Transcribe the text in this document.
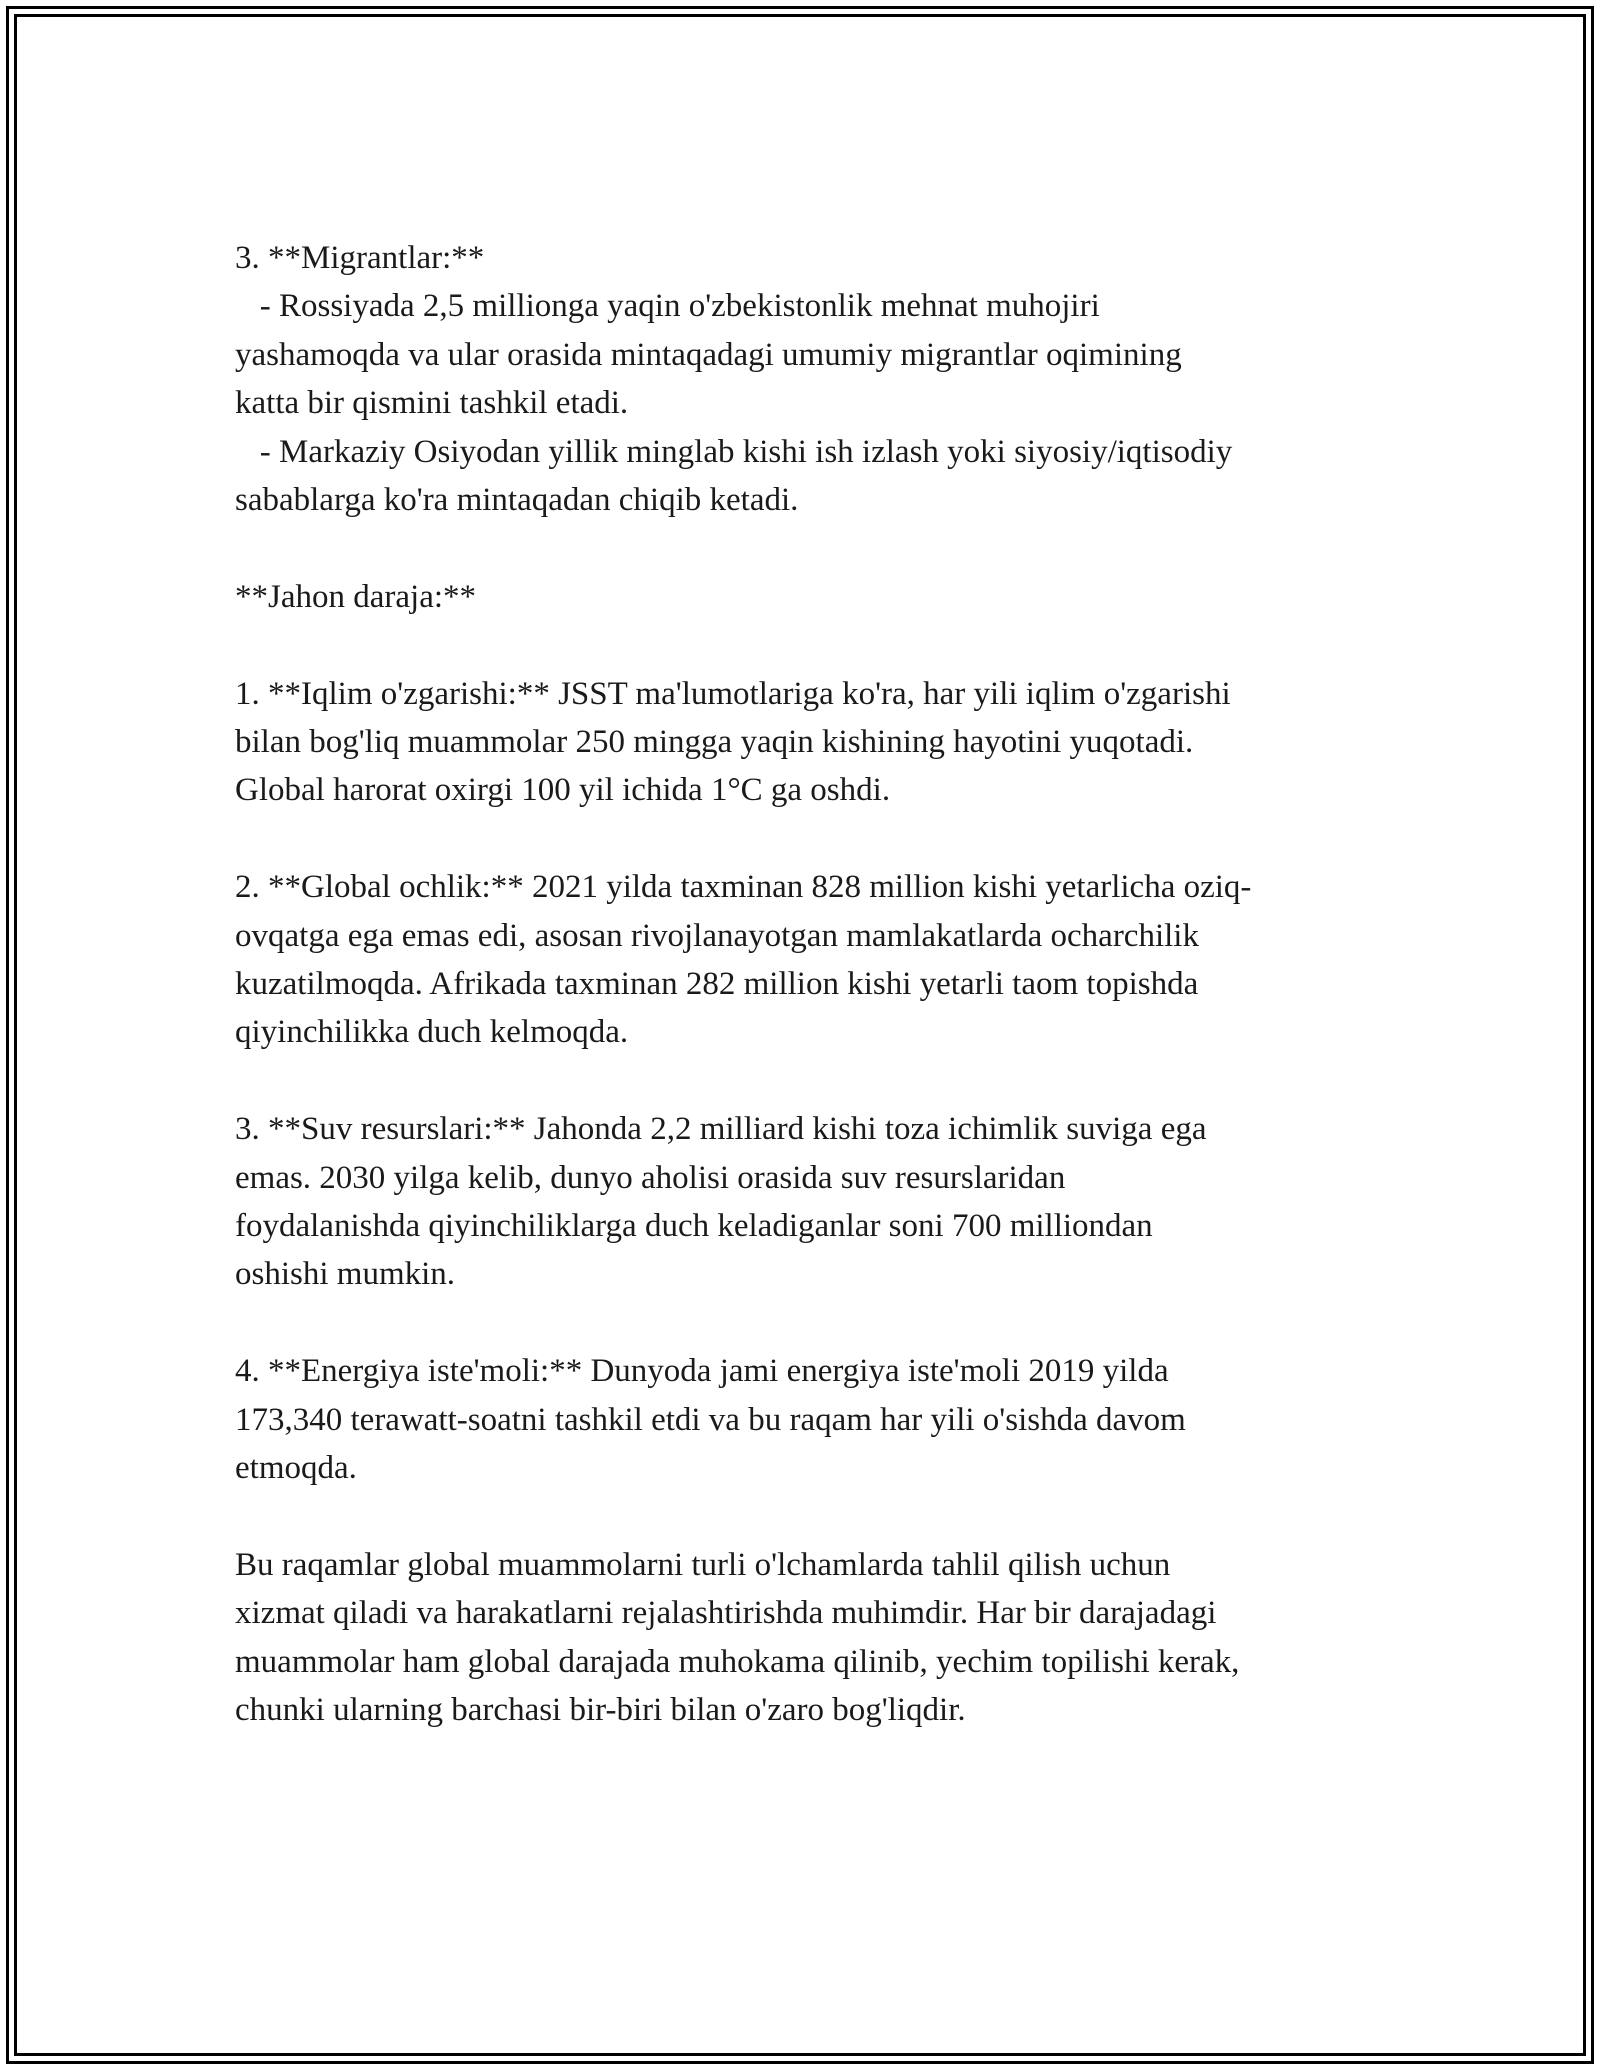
3. **Migrantlar:**
- Rossiyada 2,5 millionga yaqin o'zbekistonlik mehnat muhojiri
yashamoqda va ular orasida mintaqadagi umumiy migrantlar oqimining
katta bir qismini tashkil etadi.
- Markaziy Osiyodan yillik minglab kishi ish izlash yoki siyosiy/iqtisodiy
sabablarga ko'ra mintaqadan chiqib ketadi.
**Jahon daraja:**
1. **Iqlim o'zgarishi:** JSST ma'lumotlariga ko'ra, har yili iqlim o'zgarishi
bilan bog'liq muammolar 250 mingga yaqin kishining hayotini yuqotadi.
Global harorat oxirgi 100 yil ichida 1°C ga oshdi.
2. **Global ochlik:** 2021 yilda taxminan 828 million kishi yetarlicha oziq-
ovqatga ega emas edi, asosan rivojlanayotgan mamlakatlarda ocharchilik
kuzatilmoqda. Afrikada taxminan 282 million kishi yetarli taom topishda
qiyinchilikka duch kelmoqda.
3. **Suv resurslari:** Jahonda 2,2 milliard kishi toza ichimlik suviga ega
emas. 2030 yilga kelib, dunyo aholisi orasida suv resurslaridan
foydalanishda qiyinchiliklarga duch keladiganlar soni 700 milliondan
oshishi mumkin.
4. **Energiya iste'moli:** Dunyoda jami energiya iste'moli 2019 yilda
173,340 terawatt-soatni tashkil etdi va bu raqam har yili o'sishda davom
etmoqda.
Bu raqamlar global muammolarni turli o'lchamlarda tahlil qilish uchun
xizmat qiladi va harakatlarni rejalashtirishda muhimdir. Har bir darajadagi
muammolar ham global darajada muhokama qilinib, yechim topilishi kerak,
chunki ularning barchasi bir-biri bilan o'zaro bog'liqdir.
